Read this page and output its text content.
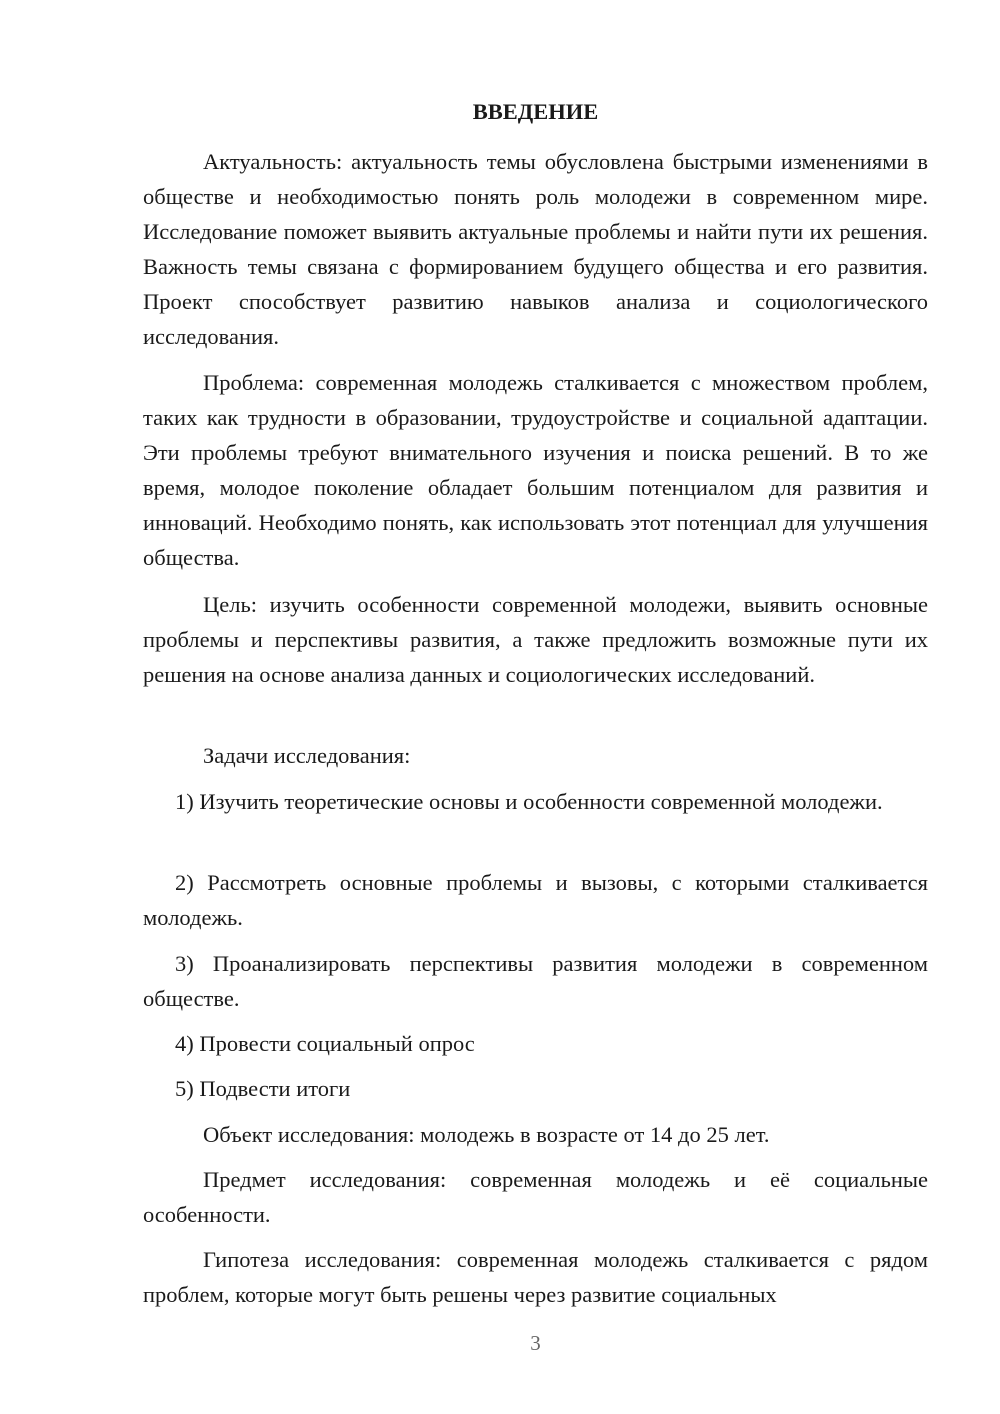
ВВЕДЕНИЕ

Актуальность: актуальность темы обусловлена быстрыми изменениями в обществе и необходимостью понять роль молодежи в современном мире. Исследование поможет выявить актуальные проблемы и найти пути их решения. Важность темы связана с формированием будущего общества и его развития. Проект способствует развитию навыков анализа и социологического исследования.

Проблема: современная молодежь сталкивается с множеством проблем, таких как трудности в образовании, трудоустройстве и социальной адаптации. Эти проблемы требуют внимательного изучения и поиска решений. В то же время, молодое поколение обладает большим потенциалом для развития и инноваций. Необходимо понять, как использовать этот потенциал для улучшения общества.

Цель: изучить особенности современной молодежи, выявить основные проблемы и перспективы развития, а также предложить возможные пути их решения на основе анализа данных и социологических исследований.

Задачи исследования:

1) Изучить теоретические основы и особенности современной молодежи.

2) Рассмотреть основные проблемы и вызовы, с которыми сталкивается молодежь.

3) Проанализировать перспективы развития молодежи в современном обществе.

4) Провести социальный опрос

5) Подвести итоги

Объект исследования: молодежь в возрасте от 14 до 25 лет.

Предмет исследования: современная молодежь и её социальные особенности.

Гипотеза исследования: современная молодежь сталкивается с рядом проблем, которые могут быть решены через развитие социальных

3
